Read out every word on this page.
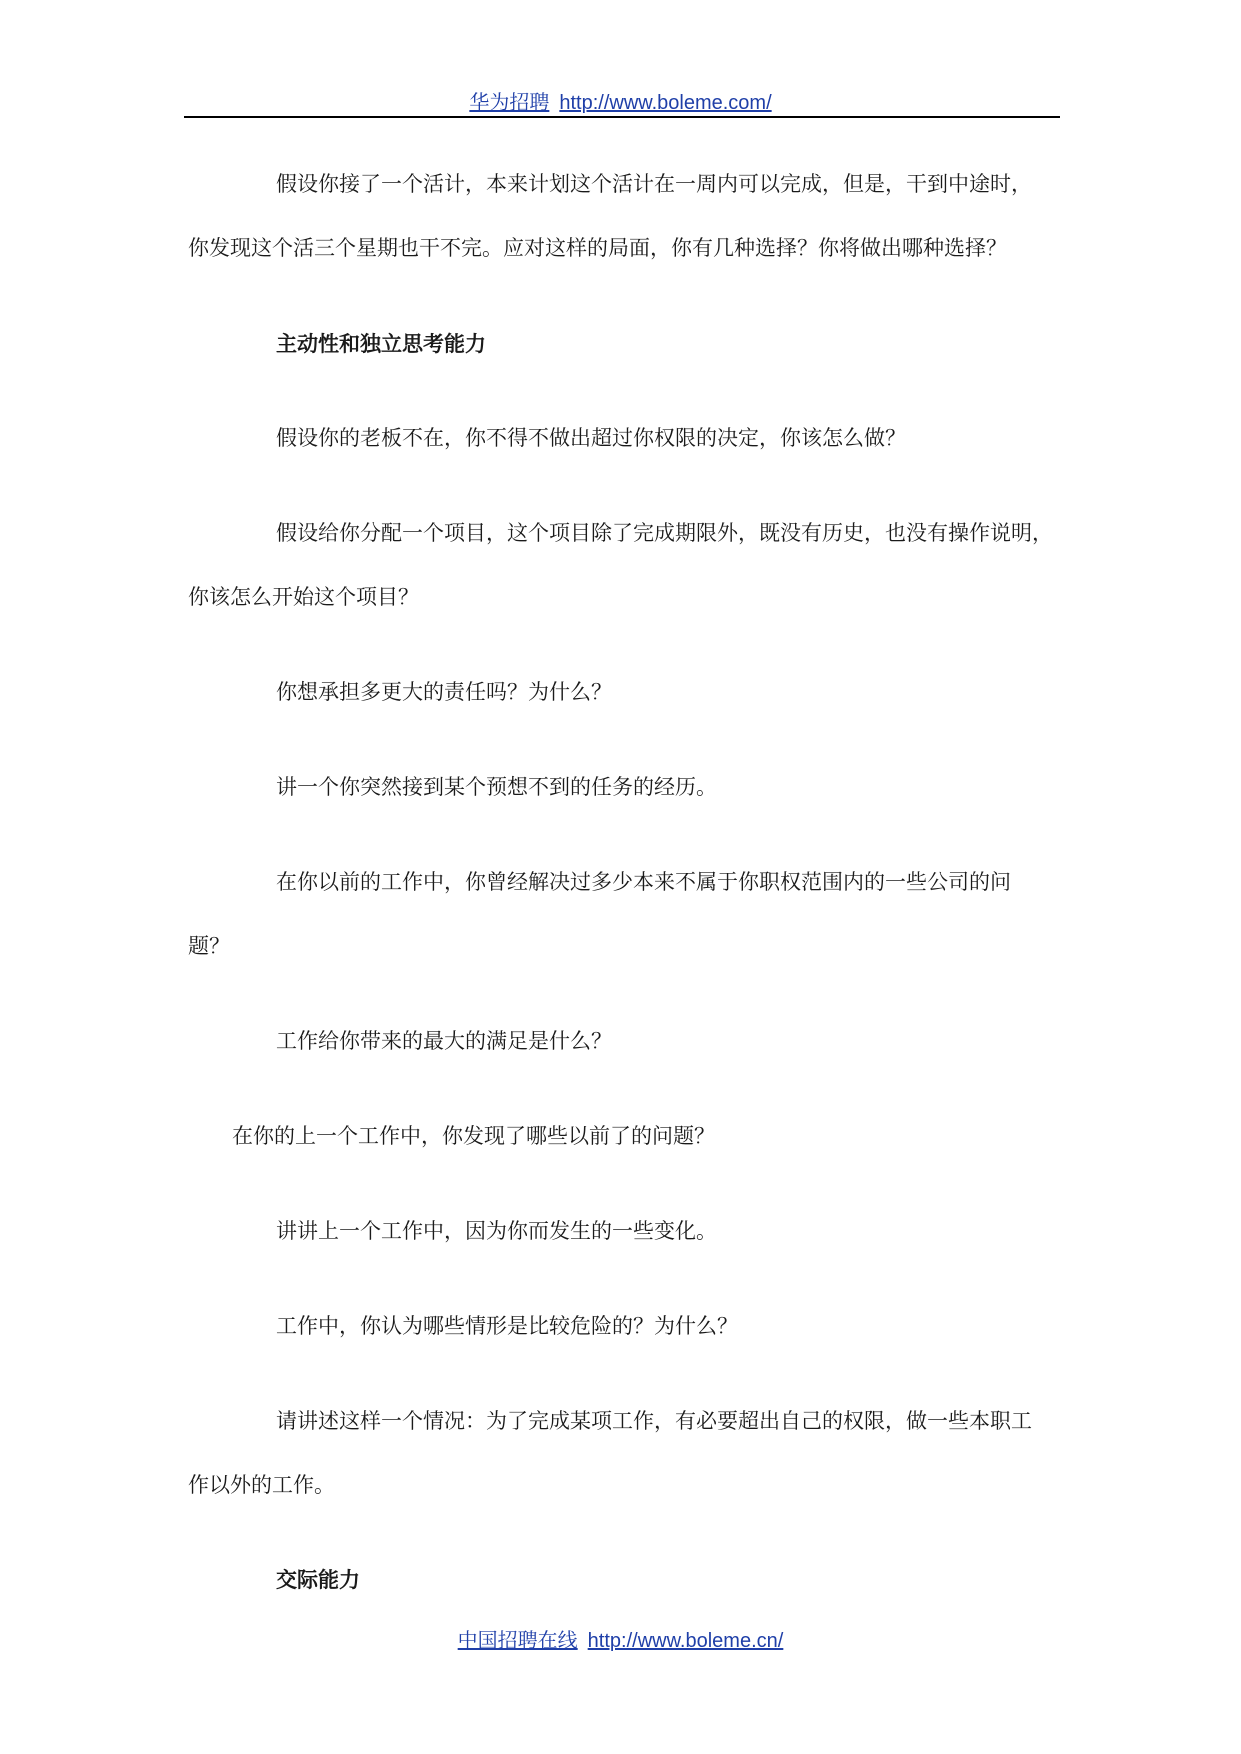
华为招聘 http://www.boleme.com/
假设你接了一个活计，本来计划这个活计在一周内可以完成，但是，干到中途时，
你发现这个活三个星期也干不完。应对这样的局面，你有几种选择？你将做出哪种选择？
主动性和独立思考能力
假设你的老板不在，你不得不做出超过你权限的决定，你该怎么做？
假设给你分配一个项目，这个项目除了完成期限外，既没有历史，也没有操作说明，
你该怎么开始这个项目？
你想承担多更大的责任吗？为什么？
讲一个你突然接到某个预想不到的任务的经历。
在你以前的工作中，你曾经解决过多少本来不属于你职权范围内的一些公司的问
题？
工作给你带来的最大的满足是什么？
在你的上一个工作中，你发现了哪些以前了的问题？
讲讲上一个工作中，因为你而发生的一些变化。
工作中，你认为哪些情形是比较危险的？为什么？
请讲述这样一个情况：为了完成某项工作，有必要超出自己的权限，做一些本职工
作以外的工作。
交际能力
中国招聘在线 http://www.boleme.cn/
